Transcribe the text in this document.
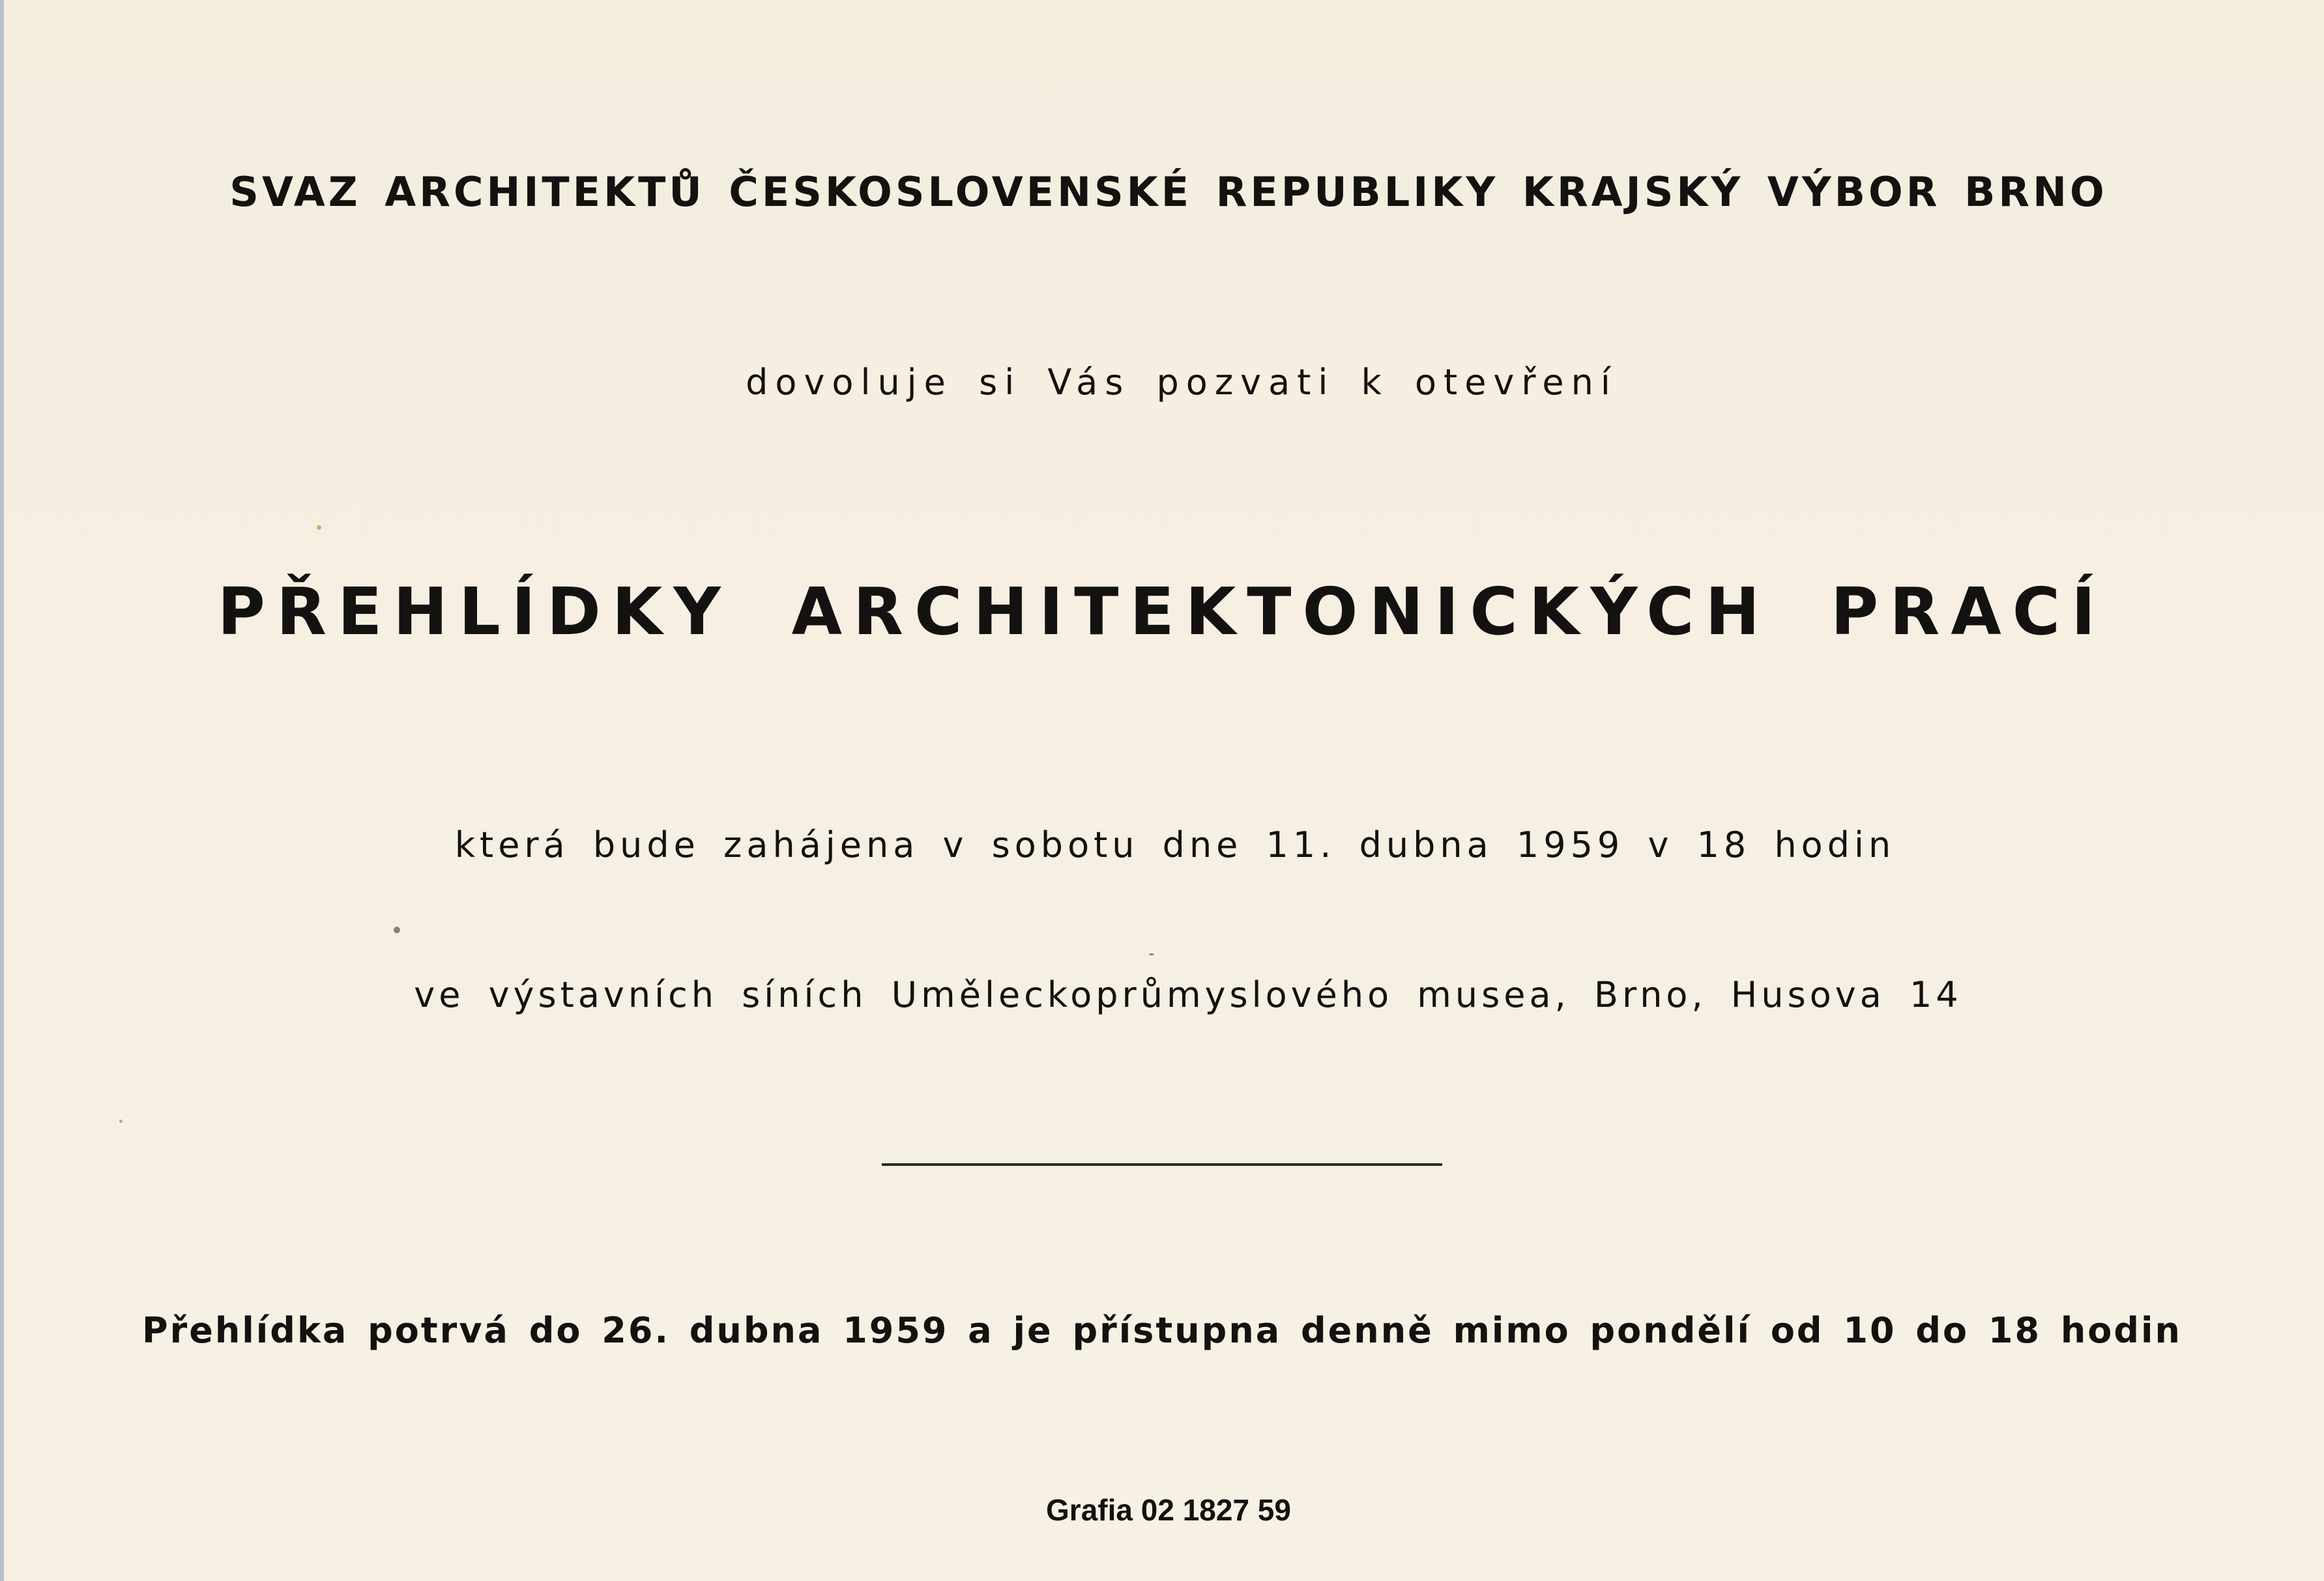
SVAZ ARCHITEKTŮ ČESKOSLOVENSKÉ REPUBLIKY KRAJSKÝ VÝBOR BRNO
dovoluje si Vás pozvati k otevření
PŘEHLÍDKY ARCHITEKTONICKÝCH PRACÍ
která bude zahájena v sobotu dne 11. dubna 1959 v 18 hodin
ve výstavních síních Uměleckoprůmyslového musea, Brno, Husova 14
Přehlídka potrvá do 26. dubna 1959 a je přístupna denně mimo pondělí od 10 do 18 hodin
Grafia 02 1827 59
